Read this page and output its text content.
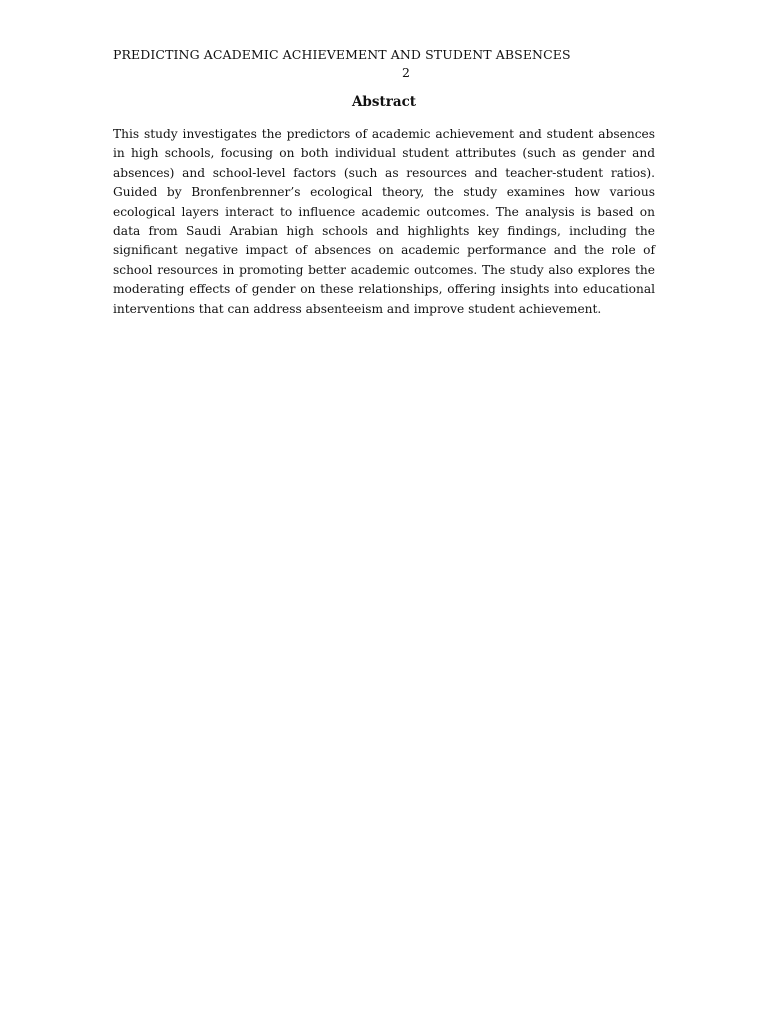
PREDICTING ACADEMIC ACHIEVEMENT AND STUDENT ABSENCES
2
Abstract

This study investigates the predictors of academic achievement and student absences in high schools, focusing on both individual student attributes (such as gender and absences) and school-level factors (such as resources and teacher-student ratios). Guided by Bronfenbrenner’s ecological theory, the study examines how various ecological layers interact to influence academic outcomes. The analysis is based on data from Saudi Arabian high schools and highlights key findings, including the significant negative impact of absences on academic performance and the role of school resources in promoting better academic outcomes. The study also explores the moderating effects of gender on these relationships, offering insights into educational interventions that can address absenteeism and improve student achievement.
